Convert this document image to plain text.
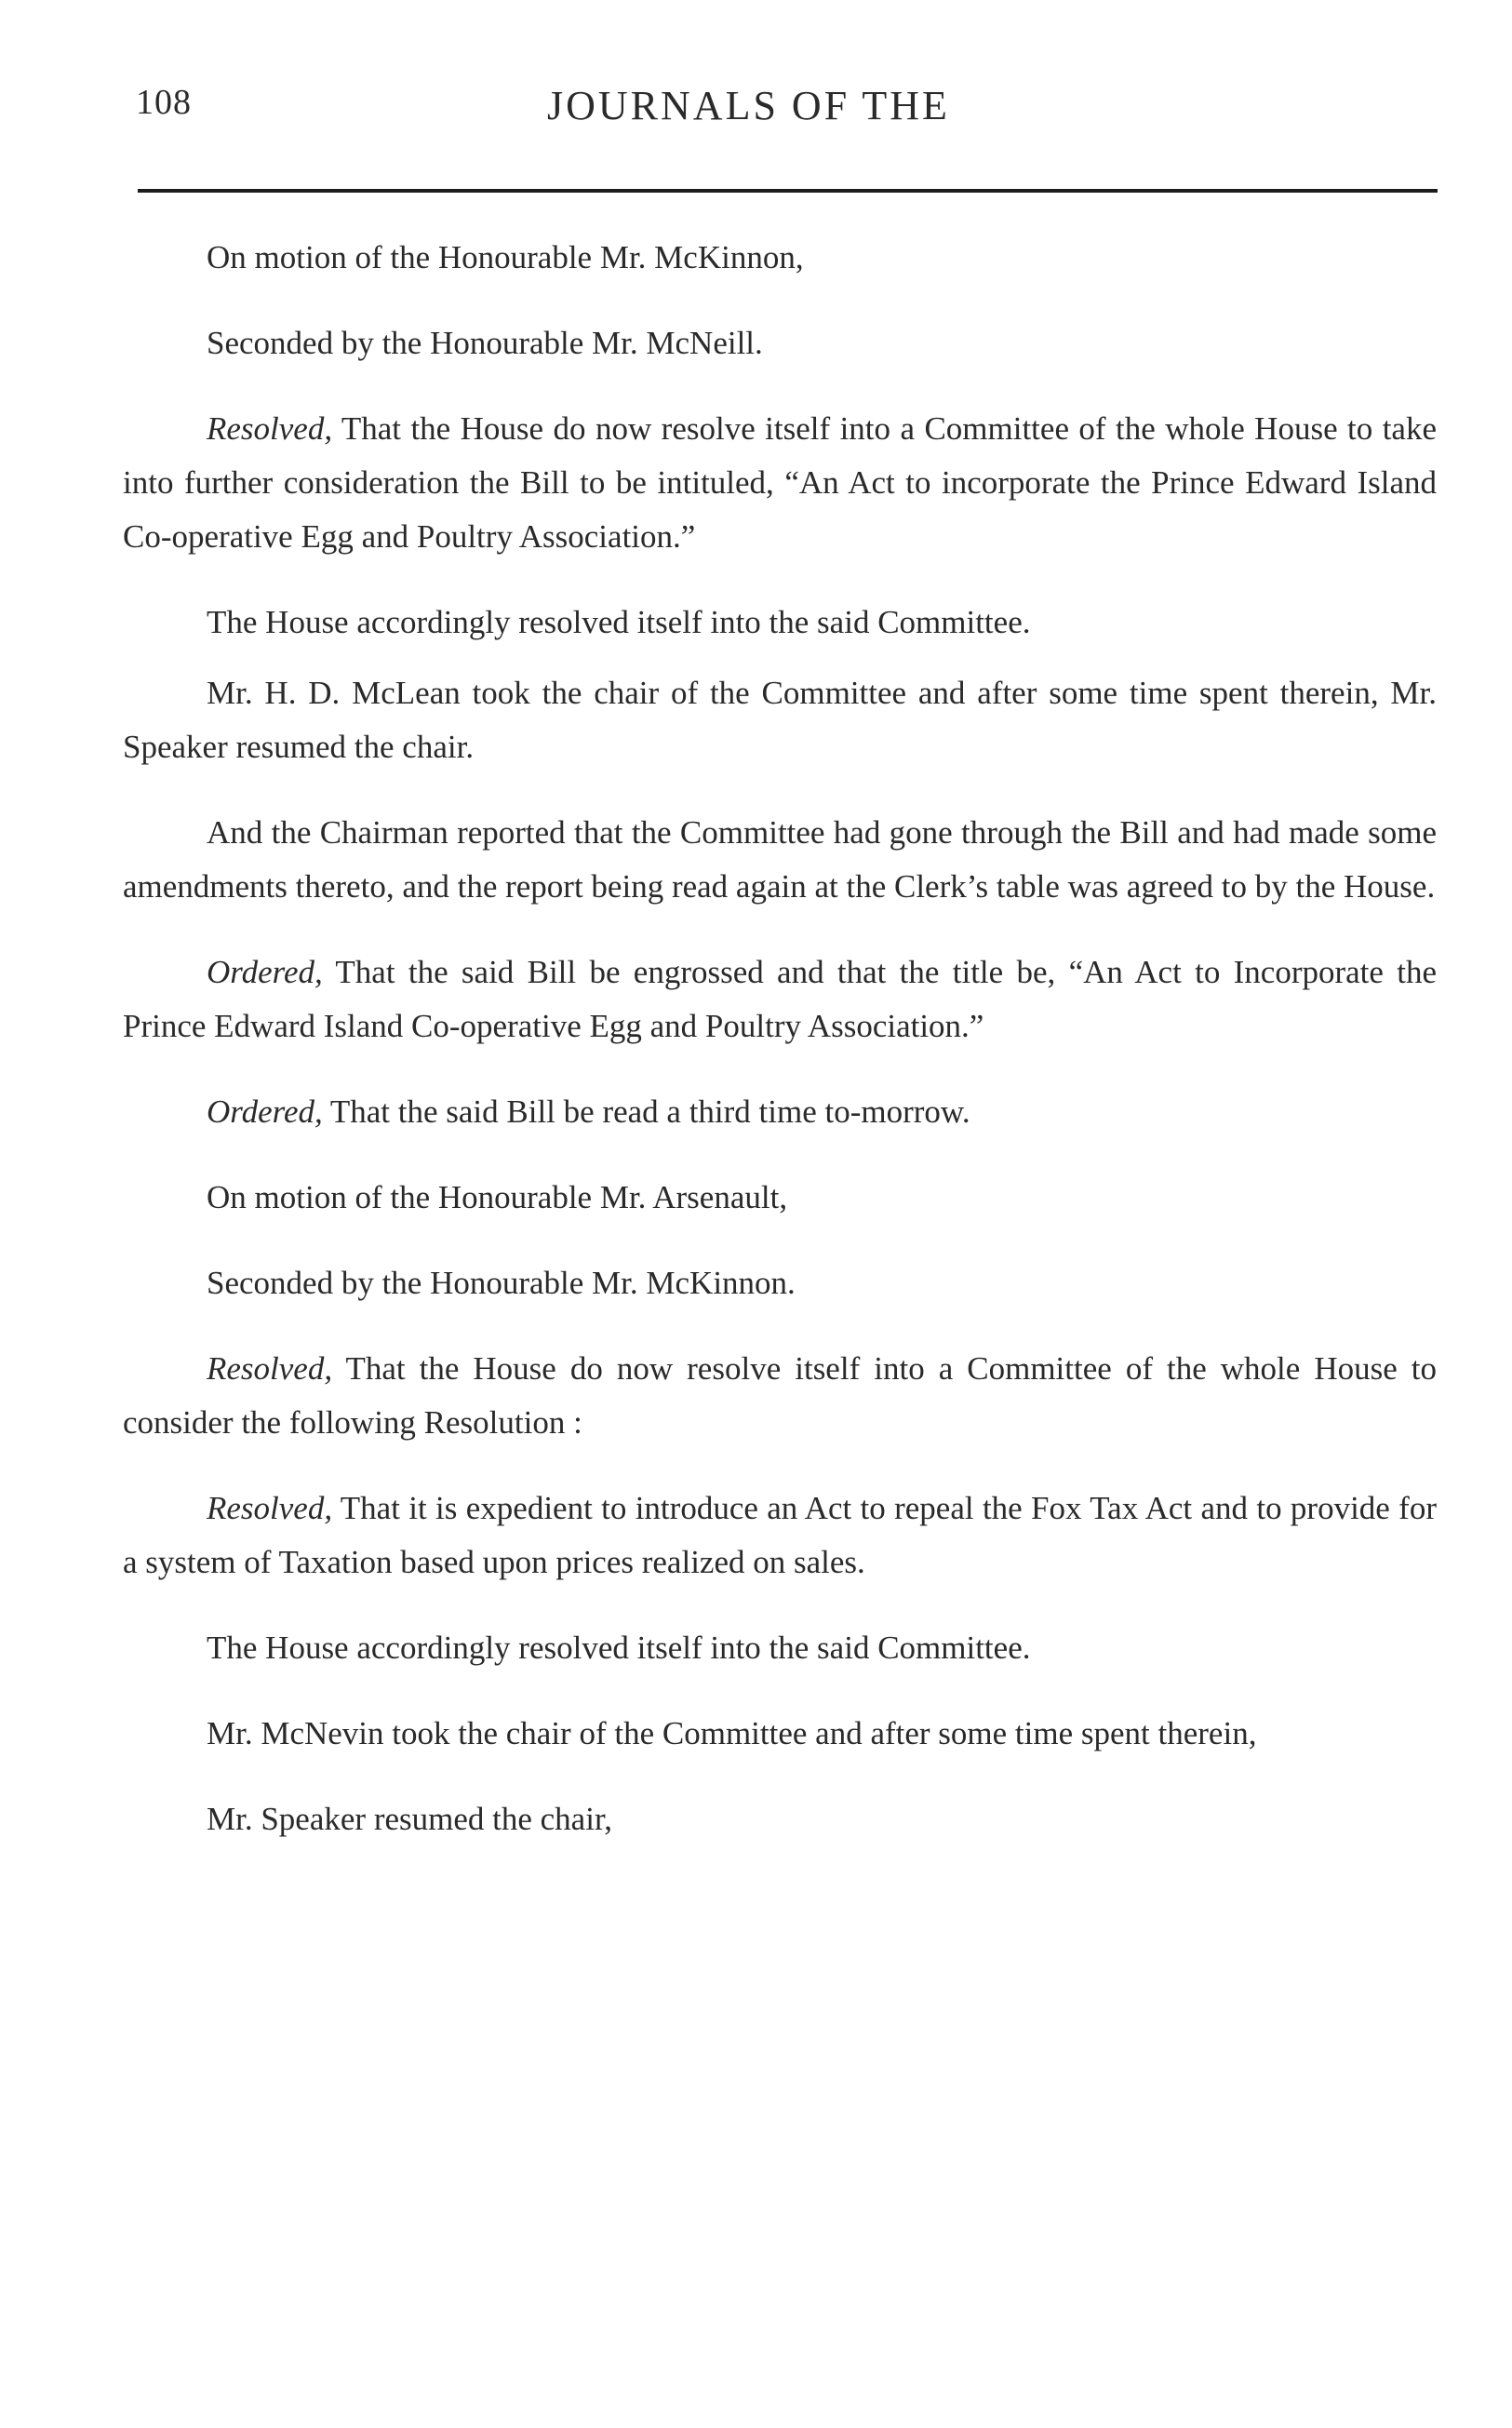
108	JOURNALS OF THE

On motion of the Honourable Mr. McKinnon,

Seconded by the Honourable Mr. McNeill.

Resolved, That the House do now resolve itself into a Committee of the whole House to take into further consideration the Bill to be intituled, “An Act to incorporate the Prince Edward Island Co-operative Egg and Poultry Association.”

The House accordingly resolved itself into the said Committee.

Mr. H. D. McLean took the chair of the Committee and after some time spent therein, Mr. Speaker resumed the chair.

And the Chairman reported that the Committee had gone through the Bill and had made some amendments thereto, and the report being read again at the Clerk’s table was agreed to by the House.

Ordered, That the said Bill be engrossed and that the title be, “An Act to Incorporate the Prince Edward Island Co-operative Egg and Poultry Association.”

Ordered, That the said Bill be read a third time to-morrow.

On motion of the Honourable Mr. Arsenault,

Seconded by the Honourable Mr. McKinnon.

Resolved, That the House do now resolve itself into a Committee of the whole House to consider the following Resolution :

Resolved, That it is expedient to introduce an Act to repeal the Fox Tax Act and to provide for a system of Taxation based upon prices realized on sales.

The House accordingly resolved itself into the said Committee.

Mr. McNevin took the chair of the Committee and after some time spent therein,

Mr. Speaker resumed the chair,
